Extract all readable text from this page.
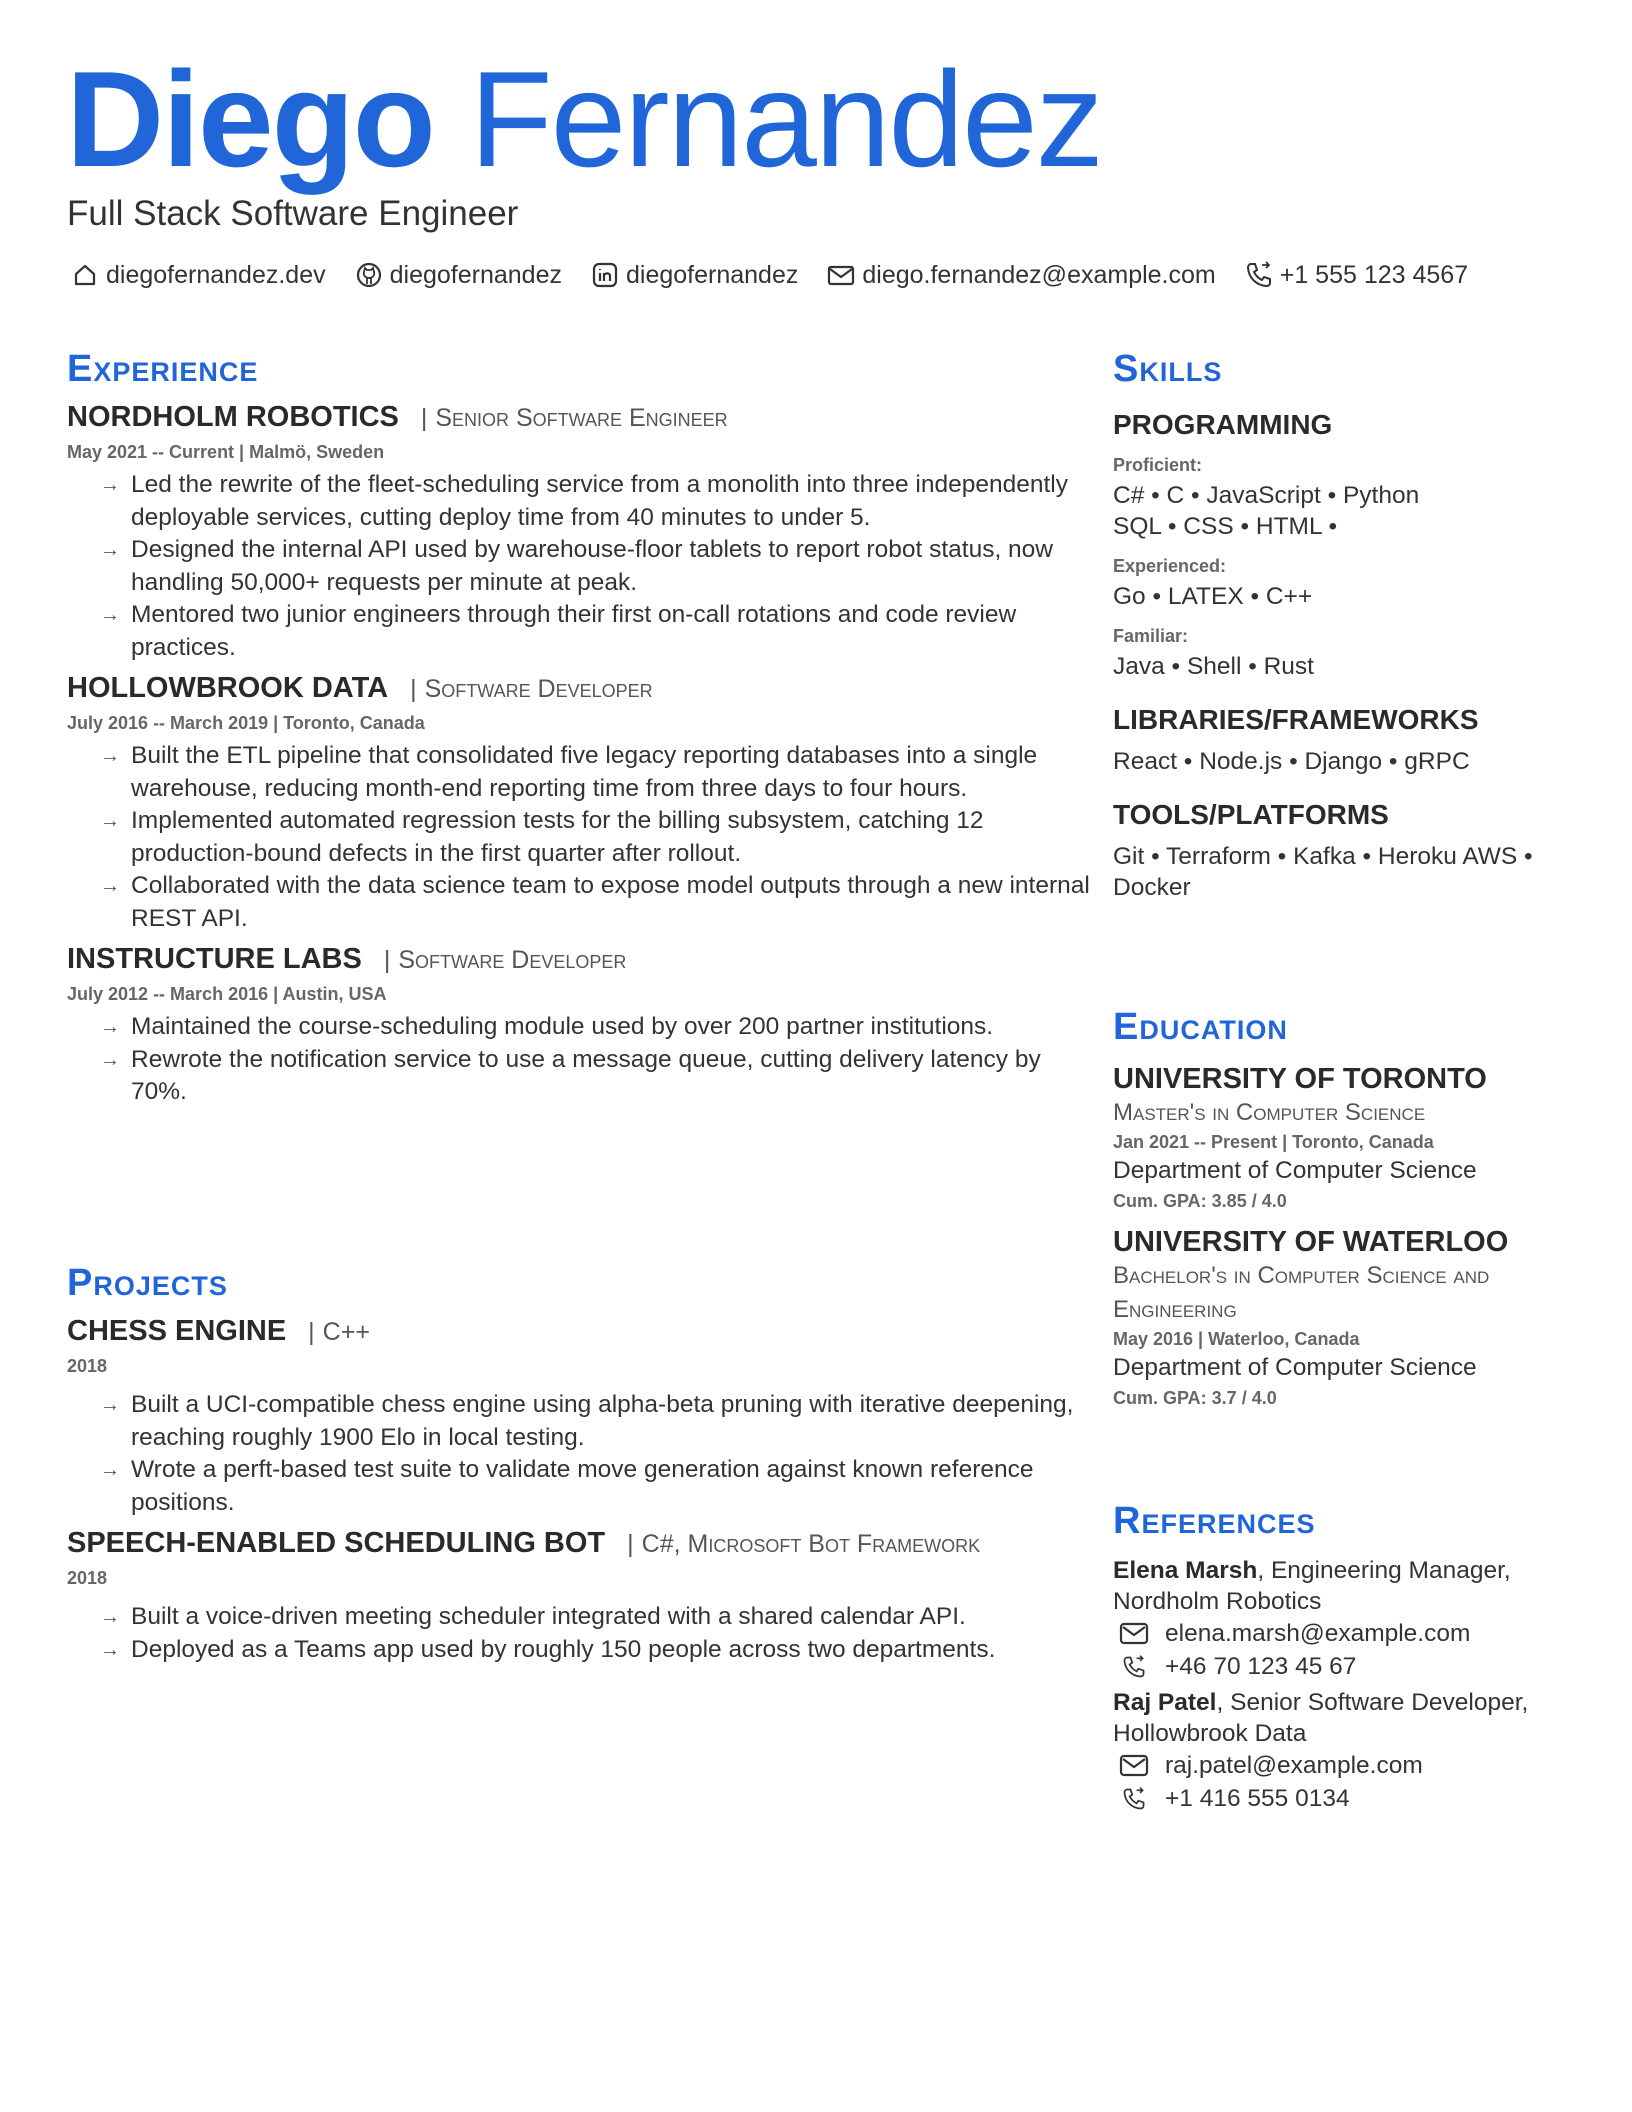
Diego Fernandez
Full Stack Software Engineer
diegofernandez.dev	diegofernandez	diegofernandez	diego.fernandez@example.com	+1 555 123 4567
Experience
NORDHOLM ROBOTICS	| Senior Software Engineer
May 2021 -- Current | Malmö, Sweden
→ Led the rewrite of the fleet-scheduling service from a monolith into three independently deployable services, cutting deploy time from 40 minutes to under 5.
→ Designed the internal API used by warehouse-floor tablets to report robot status, now handling 50,000+ requests per minute at peak.
→ Mentored two junior engineers through their first on-call rotations and code review practices.
HOLLOWBROOK DATA	| Software Developer
July 2016 -- March 2019 | Toronto, Canada
→ Built the ETL pipeline that consolidated five legacy reporting databases into a single warehouse, reducing month-end reporting time from three days to four hours.
→ Implemented automated regression tests for the billing subsystem, catching 12 production-bound defects in the first quarter after rollout.
→ Collaborated with the data science team to expose model outputs through a new internal REST API.
INSTRUCTURE LABS	| Software Developer
July 2012 -- March 2016 | Austin, USA
→ Maintained the course-scheduling module used by over 200 partner institutions.
→ Rewrote the notification service to use a message queue, cutting delivery latency by 70%.
Projects
CHESS ENGINE	| C++
2018
→ Built a UCI-compatible chess engine using alpha-beta pruning with iterative deepening, reaching roughly 1900 Elo in local testing.
→ Wrote a perft-based test suite to validate move generation against known reference positions.
SPEECH-ENABLED SCHEDULING BOT	| C#, Microsoft Bot Framework
2018
→ Built a voice-driven meeting scheduler integrated with a shared calendar API.
→ Deployed as a Teams app used by roughly 150 people across two departments.
Skills
PROGRAMMING
Proficient:
C# • C • JavaScript • Python SQL • CSS • HTML •
Experienced:
Go • LATEX • C++
Familiar:
Java • Shell • Rust
LIBRARIES/FRAMEWORKS
React • Node.js • Django • gRPC
TOOLS/PLATFORMS
Git • Terraform • Kafka • Heroku AWS • Docker
Education
UNIVERSITY OF TORONTO
Master's in Computer Science
Jan 2021 -- Present | Toronto, Canada
Department of Computer Science
Cum. GPA: 3.85 / 4.0
UNIVERSITY OF WATERLOO
Bachelor's in Computer Science and Engineering
May 2016 | Waterloo, Canada
Department of Computer Science
Cum. GPA: 3.7 / 4.0
References
Elena Marsh, Engineering Manager, Nordholm Robotics
elena.marsh@example.com
+46 70 123 45 67
Raj Patel, Senior Software Developer, Hollowbrook Data
raj.patel@example.com
+1 416 555 0134
